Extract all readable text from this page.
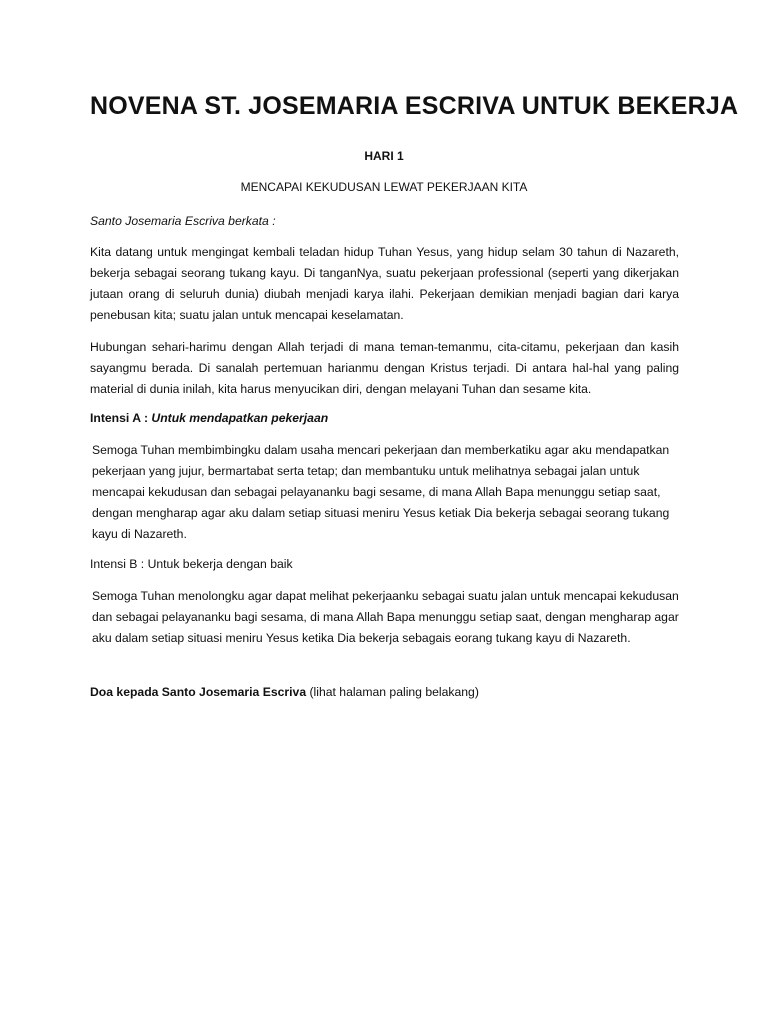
NOVENA ST. JOSEMARIA ESCRIVA UNTUK BEKERJA

HARI 1

MENCAPAI KEKUDUSAN LEWAT PEKERJAAN KITA

Santo Josemaria Escriva berkata :

Kita datang untuk mengingat kembali teladan hidup Tuhan Yesus, yang hidup selam 30 tahun di Nazareth, bekerja sebagai seorang tukang kayu. Di tanganNya, suatu pekerjaan professional (seperti yang dikerjakan jutaan orang di seluruh dunia) diubah menjadi karya ilahi. Pekerjaan demikian menjadi bagian dari karya penebusan kita; suatu jalan untuk mencapai keselamatan.

Hubungan sehari-harimu dengan Allah terjadi di mana teman-temanmu, cita-citamu, pekerjaan dan kasih sayangmu berada. Di sanalah pertemuan harianmu dengan Kristus terjadi. Di antara hal-hal yang paling material di dunia inilah, kita harus menyucikan diri, dengan melayani Tuhan dan sesame kita.

Intensi A : Untuk mendapatkan pekerjaan

Semoga Tuhan membimbingku dalam usaha mencari pekerjaan dan memberkatiku agar aku mendapatkan pekerjaan yang jujur, bermartabat serta tetap; dan membantuku untuk melihatnya sebagai jalan untuk mencapai kekudusan dan sebagai pelayananku bagi sesame, di mana Allah Bapa menunggu setiap saat, dengan mengharap agar aku dalam setiap situasi meniru Yesus ketiak Dia bekerja sebagai seorang tukang kayu di Nazareth.

Intensi B : Untuk bekerja dengan baik

Semoga Tuhan menolongku agar dapat melihat pekerjaanku sebagai suatu jalan untuk mencapai kekudusan dan sebagai pelayananku bagi sesama, di mana Allah Bapa menunggu setiap saat, dengan mengharap agar aku dalam setiap situasi meniru Yesus ketika Dia bekerja sebagais eorang tukang kayu di Nazareth.

Doa kepada Santo Josemaria Escriva (lihat halaman paling belakang)
